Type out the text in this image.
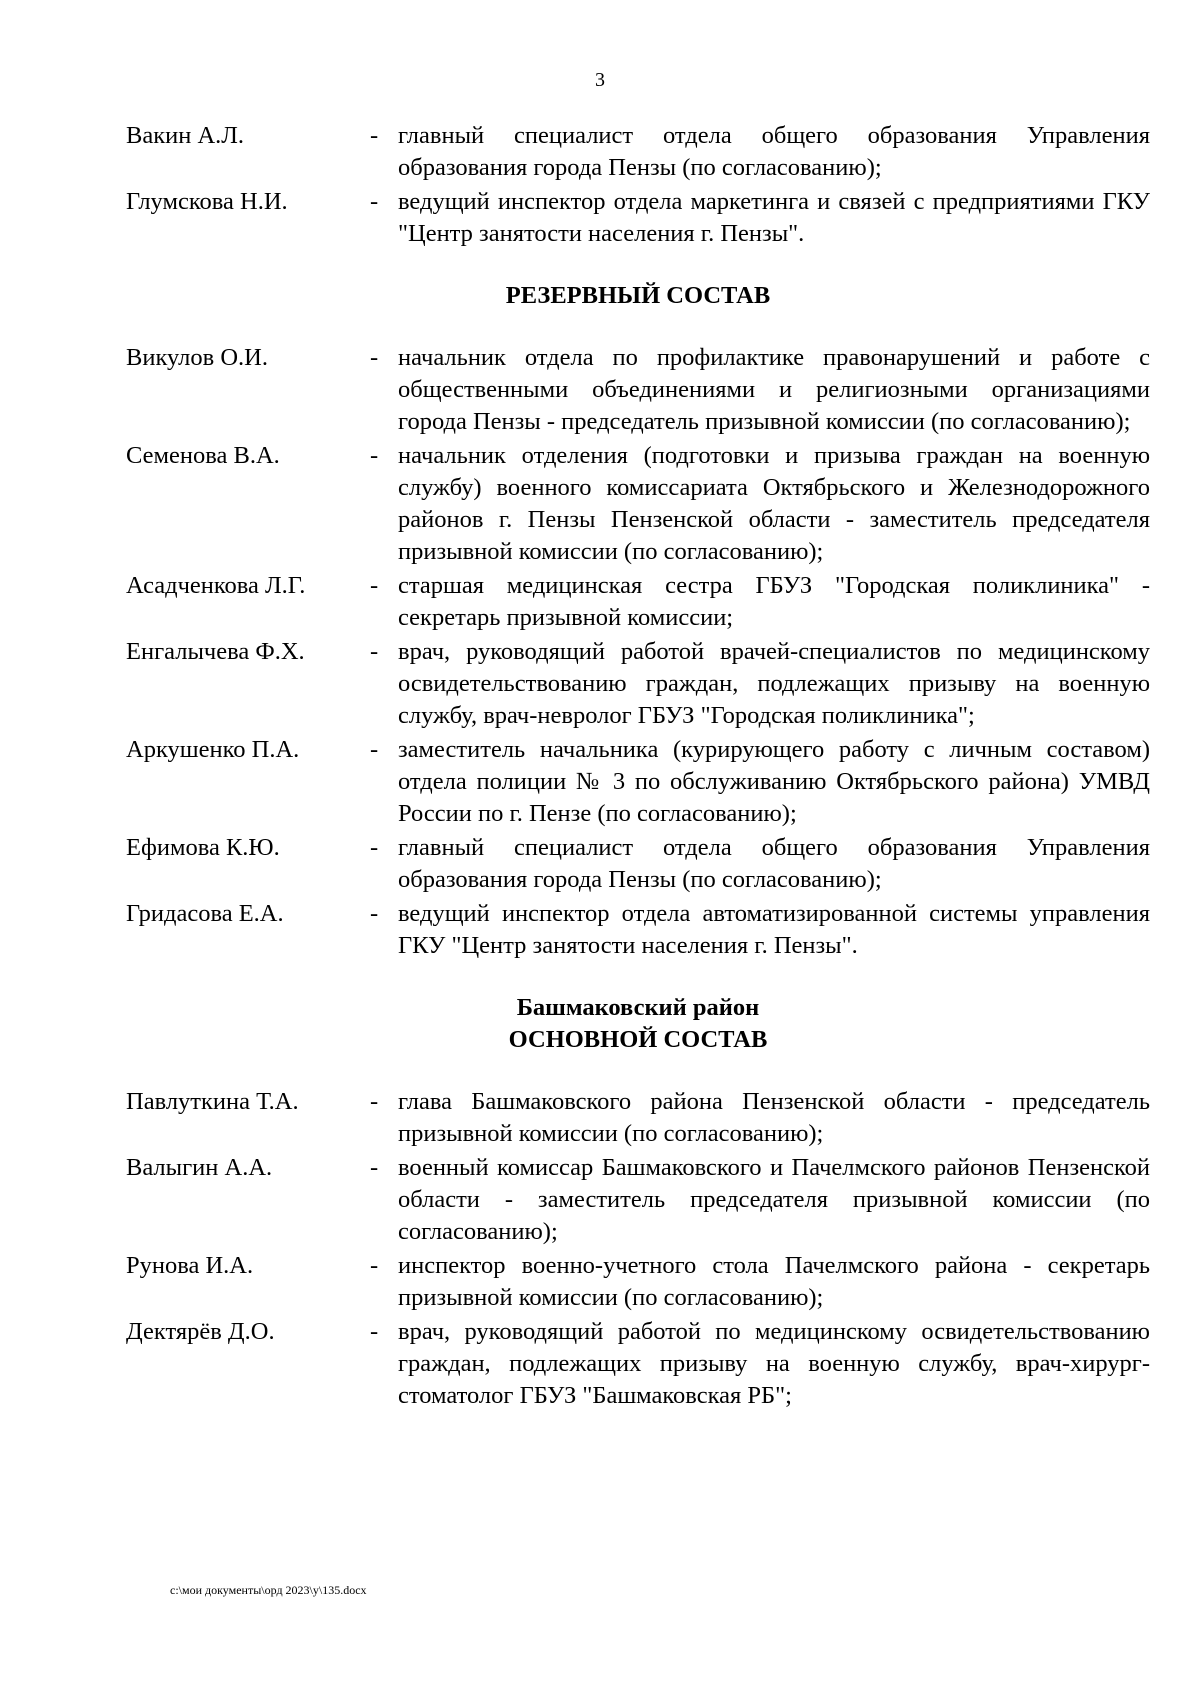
3
Вакин А.Л.	- главный специалист отдела общего образования Управления образования города Пензы (по согласованию);
Глумскова Н.И.	- ведущий инспектор отдела маркетинга и связей с предприятиями ГКУ "Центр занятости населения г. Пензы".
РЕЗЕРВНЫЙ СОСТАВ
Викулов О.И.	- начальник отдела по профилактике правонарушений и работе с общественными объединениями и религиозными организациями города Пензы - председатель призывной комиссии (по согласованию);
Семенова В.А.	- начальник отделения (подготовки и призыва граждан на военную службу) военного комиссариата Октябрьского и Железнодорожного районов г. Пензы Пензенской области - заместитель председателя призывной комиссии (по согласованию);
Асадченкова Л.Г.	- старшая медицинская сестра ГБУЗ "Городская поликлиника" - секретарь призывной комиссии;
Енгалычева Ф.Х.	- врач, руководящий работой врачей-специалистов по медицинскому освидетельствованию граждан, подлежащих призыву на военную службу, врач-невролог ГБУЗ "Городская поликлиника";
Аркушенко П.А.	- заместитель начальника (курирующего работу с личным составом) отдела полиции № 3 по обслуживанию Октябрьского района) УМВД России по г. Пензе (по согласованию);
Ефимова К.Ю.	- главный специалист отдела общего образования Управления образования города Пензы (по согласованию);
Гридасова Е.А.	- ведущий инспектор отдела автоматизированной системы управления ГКУ "Центр занятости населения г. Пензы".
Башмаковский район
ОСНОВНОЙ СОСТАВ
Павлуткина Т.А.	- глава Башмаковского района Пензенской области - председатель призывной комиссии (по согласованию);
Валыгин А.А.	- военный комиссар Башмаковского и Пачелмского районов Пензенской области - заместитель председателя призывной комиссии (по согласованию);
Рунова И.А.	- инспектор военно-учетного стола Пачелмского района - секретарь призывной комиссии (по согласованию);
Дектярёв Д.О.	- врач, руководящий работой по медицинскому освидетельствованию граждан, подлежащих призыву на военную службу, врач-хирург-стоматолог ГБУЗ "Башмаковская РБ";
c:\мои документы\орд 2023\у\135.docx
